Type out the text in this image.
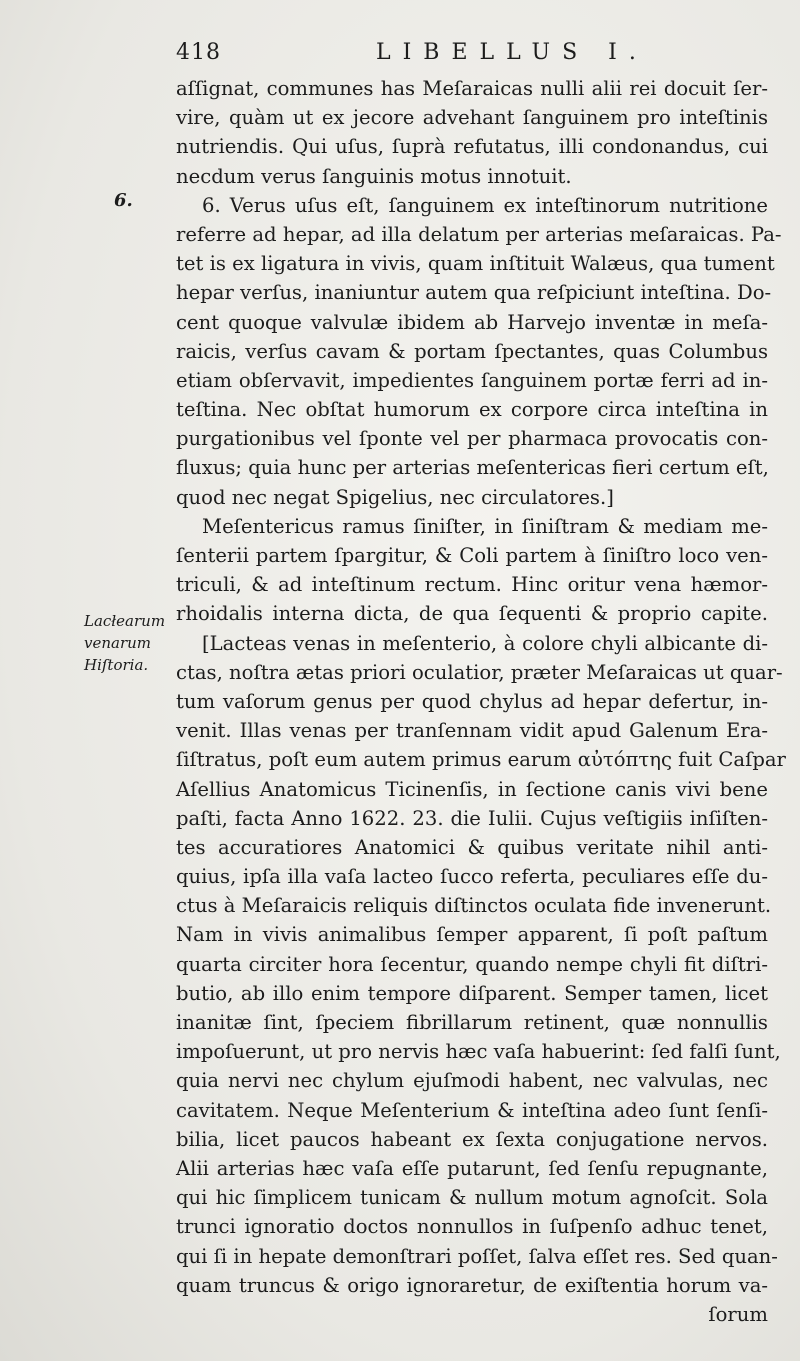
418	LIBELLUS I.
6.
Lacłearum
venarum
Hiſtoria.
aſſignat, communes has Meſaraicas nulli alii rei docuit ſer-
vire, quàm ut ex jecore advehant ſanguinem pro inteſtinis
nutriendis. Qui uſus, ſuprà refutatus, illi condonandus, cui
necdum verus ſanguinis motus innotuit.
6. Verus uſus eſt, ſanguinem ex inteſtinorum nutritione
referre ad hepar, ad illa delatum per arterias meſaraicas. Pa-
tet is ex ligatura in vivis, quam inſtituit Walæus, qua tument
hepar verſus, inaniuntur autem qua reſpiciunt inteſtina. Do-
cent quoque valvulæ ibidem ab Harvejo inventæ in meſa-
raicis, verſus cavam & portam ſpectantes, quas Columbus
etiam obſervavit, impedientes ſanguinem portæ ferri ad in-
teſtina. Nec obſtat humorum ex corpore circa inteſtina in
purgationibus vel ſponte vel per pharmaca provocatis con-
fluxus; quia hunc per arterias meſentericas fieri certum eſt,
quod nec negat Spigelius, nec circulatores.]
Meſentericus ramus ſiniſter, in ſiniſtram & mediam me-
ſenterii partem ſpargitur, & Coli partem à ſiniſtro loco ven-
triculi, & ad inteſtinum rectum. Hinc oritur vena hæmor-
rhoidalis interna dicta, de qua ſequenti & proprio capite.
[Lacteas venas in meſenterio, à colore chyli albicante di-
ctas, noſtra ætas priori oculatior, præter Meſaraicas ut quar-
tum vaſorum genus per quod chylus ad hepar defertur, in-
venit. Illas venas per tranſennam vidit apud Galenum Era-
ſiſtratus, poſt eum autem primus earum αὐτόπτης fuit Caſpar
Aſellius Anatomicus Ticinenſis, in ſectione canis vivi bene
paſti, facta Anno 1622. 23. die Iulii. Cujus veſtigiis inſiſten-
tes accuratiores Anatomici & quibus veritate nihil anti-
quius, ipſa illa vaſa lacteo ſucco referta, peculiares eſſe du-
ctus à Meſaraicis reliquis diſtinctos oculata fide invenerunt.
Nam in vivis animalibus ſemper apparent, ſi poſt paſtum
quarta circiter hora ſecentur, quando nempe chyli fit diſtri-
butio, ab illo enim tempore diſparent. Semper tamen, licet
inanitæ ſint, ſpeciem fibrillarum retinent, quæ nonnullis
impoſuerunt, ut pro nervis hæc vaſa habuerint: ſed falſi ſunt,
quia nervi nec chylum ejuſmodi habent, nec valvulas, nec
cavitatem. Neque Meſenterium & inteſtina adeo ſunt ſenſi-
bilia, licet paucos habeant ex ſexta conjugatione nervos.
Alii arterias hæc vaſa eſſe putarunt, ſed ſenſu repugnante,
qui hic ſimplicem tunicam & nullum motum agnoſcit. Sola
trunci ignoratio doctos nonnullos in ſuſpenſo adhuc tenet,
qui ſi in hepate demonſtrari poſſet, ſalva eſſet res. Sed quan-
quam truncus & origo ignoraretur, de exiſtentia horum va-
ſorum
